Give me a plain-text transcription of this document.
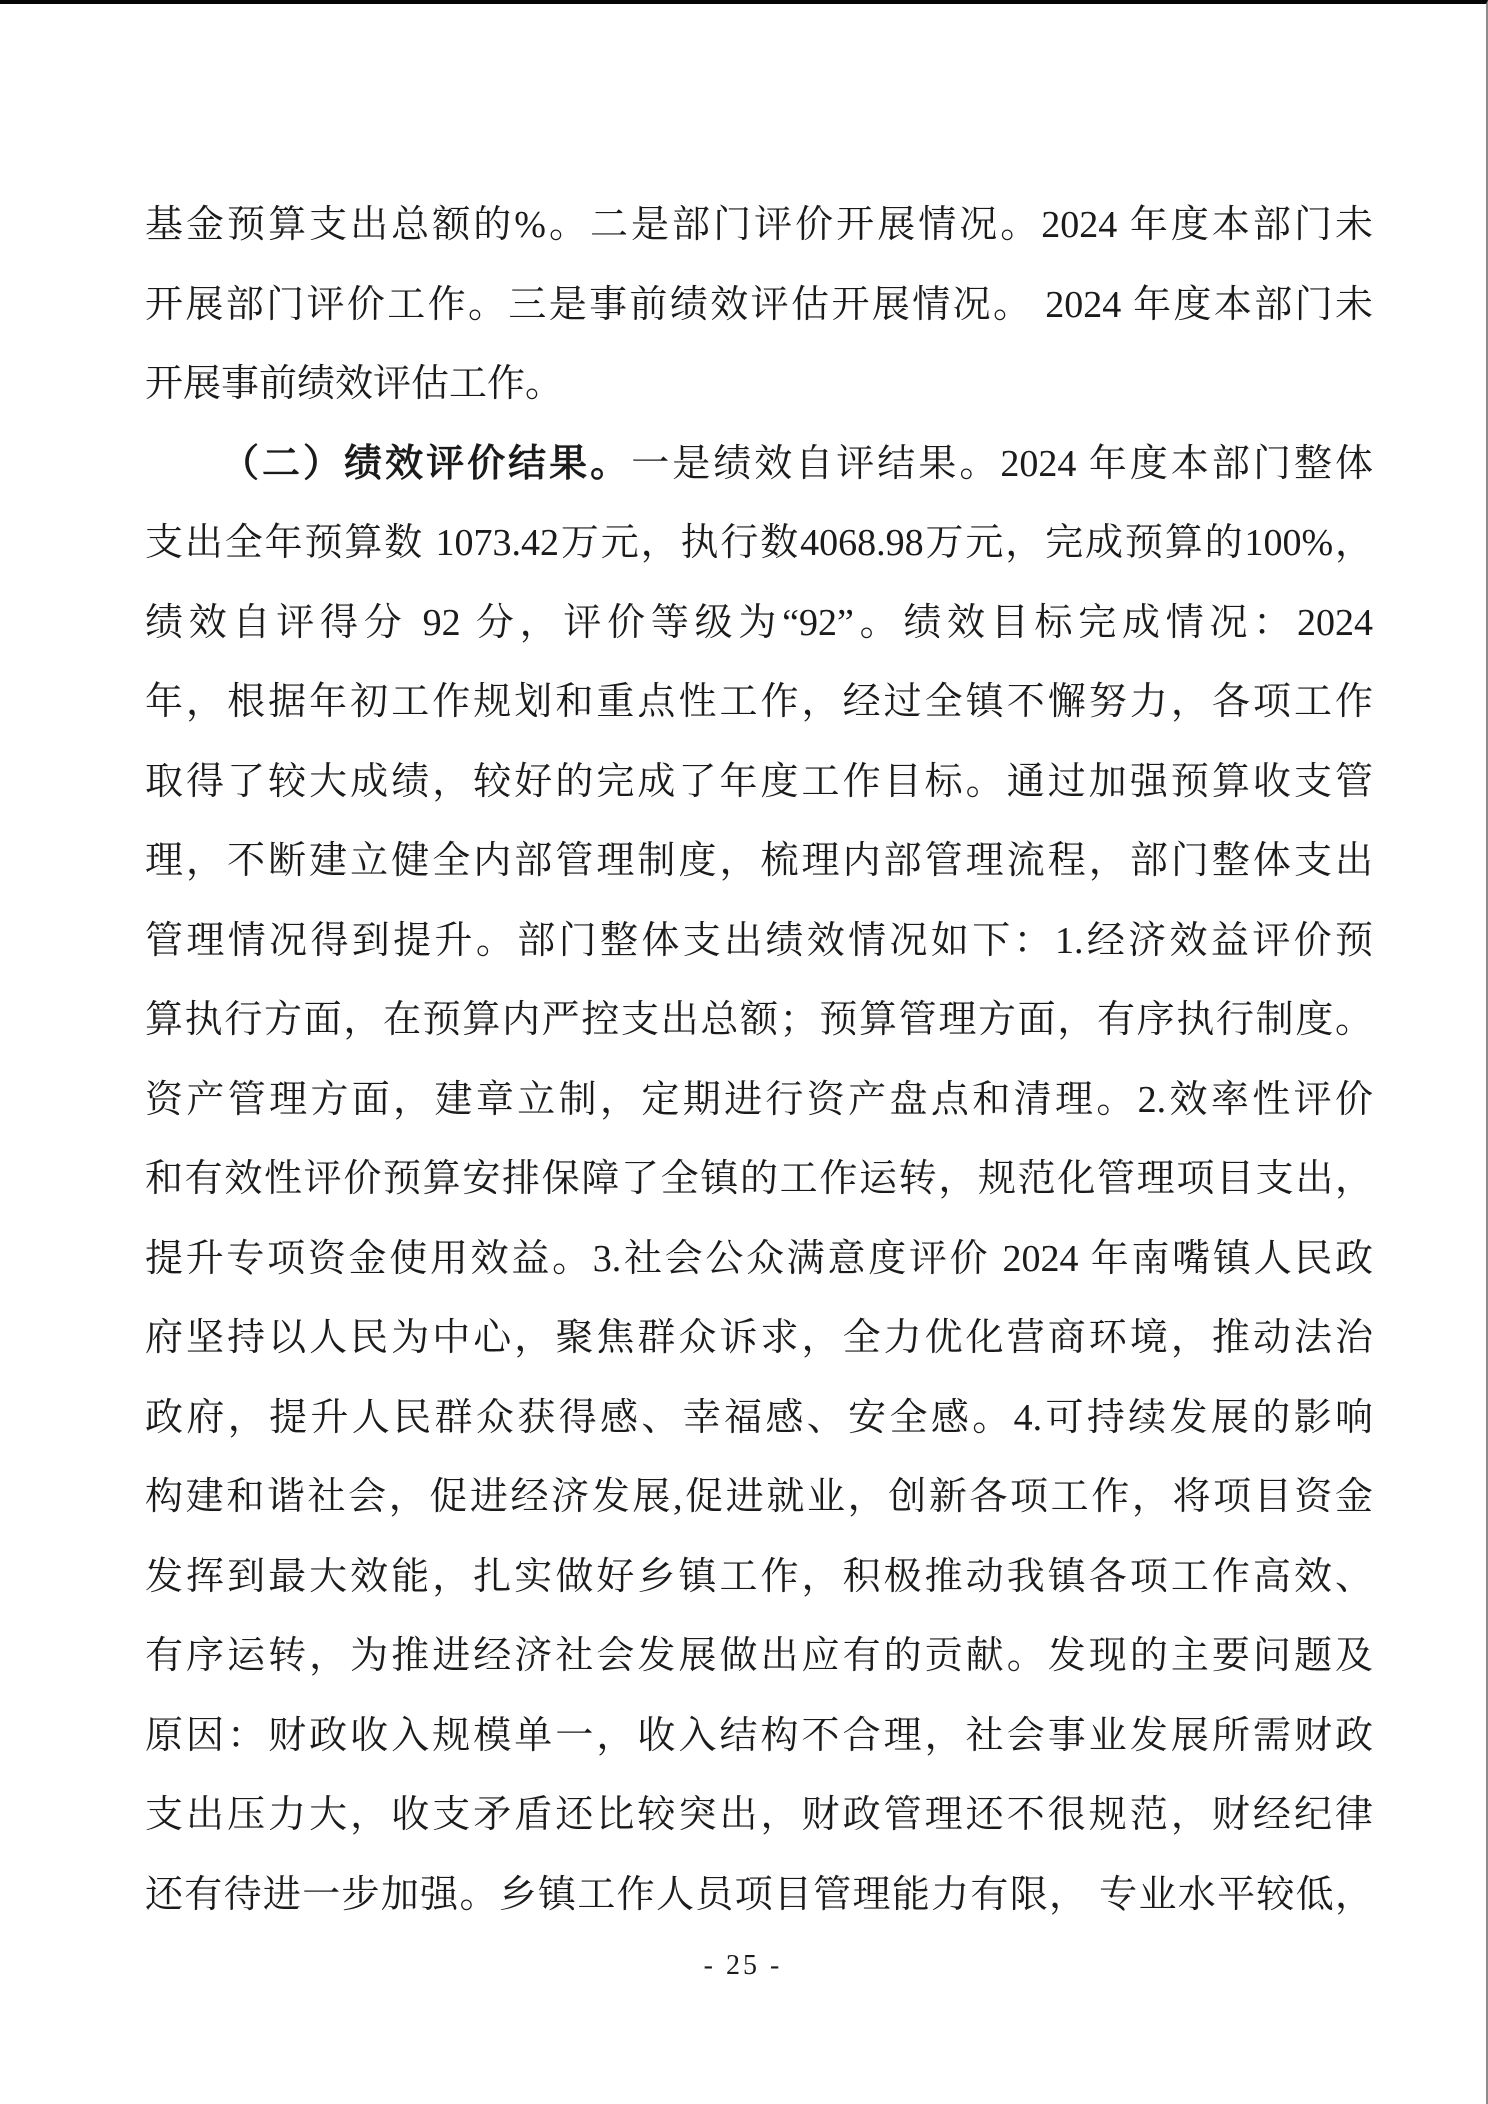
基金预算支出总额的%。二是部门评价开展情况。2024 年度本部门未
开展部门评价工作。三是事前绩效评估开展情况。 2024 年度本部门未
开展事前绩效评估工作。
（二）绩效评价结果。一是绩效自评结果。2024 年度本部门整体
支出全年预算数 1073.42万元，执行数4068.98万元，完成预算的100%，
绩效自评得分 92 分，评价等级为“92”。绩效目标完成情况：2024
年，根据年初工作规划和重点性工作，经过全镇不懈努力，各项工作
取得了较大成绩，较好的完成了年度工作目标。通过加强预算收支管
理，不断建立健全内部管理制度，梳理内部管理流程，部门整体支出
管理情况得到提升。部门整体支出绩效情况如下：1.经济效益评价预
算执行方面，在预算内严控支出总额；预算管理方面，有序执行制度。
资产管理方面，建章立制，定期进行资产盘点和清理。2.效率性评价
和有效性评价预算安排保障了全镇的工作运转，规范化管理项目支出，
提升专项资金使用效益。3.社会公众满意度评价 2024 年南嘴镇人民政
府坚持以人民为中心，聚焦群众诉求，全力优化营商环境，推动法治
政府，提升人民群众获得感、幸福感、安全感。4.可持续发展的影响
构建和谐社会，促进经济发展,促进就业，创新各项工作，将项目资金
发挥到最大效能，扎实做好乡镇工作，积极推动我镇各项工作高效、
有序运转，为推进经济社会发展做出应有的贡献。发现的主要问题及
原因：财政收入规模单一，收入结构不合理，社会事业发展所需财政
支出压力大，收支矛盾还比较突出，财政管理还不很规范，财经纪律
还有待进一步加强。乡镇工作人员项目管理能力有限， 专业水平较低，
- 25 -
